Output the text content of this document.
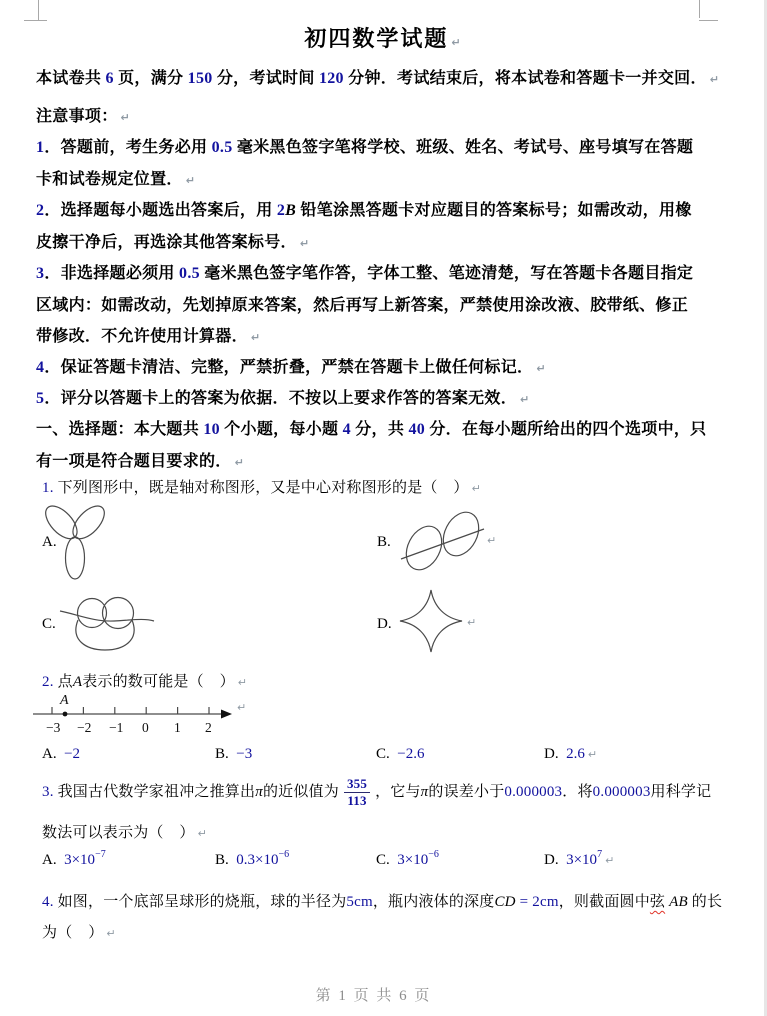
初四数学试题 ↵
本试卷共 6 页，满分 150 分，考试时间 120 分钟．考试结束后，将本试卷和答题卡一并交回． ↵
注意事项： ↵
1．答题前，考生务必用 0.5 毫米黑色签字笔将学校、班级、姓名、考试号、座号填写在答题
卡和试卷规定位置． ↵
2．选择题每小题选出答案后，用 2B 铅笔涂黑答题卡对应题目的答案标号；如需改动，用橡
皮擦干净后，再选涂其他答案标号． ↵
3．非选择题必须用 0.5 毫米黑色签字笔作答，字体工整、笔迹清楚，写在答题卡各题目指定
区域内：如需改动，先划掉原来答案，然后再写上新答案，严禁使用涂改液、胶带纸、修正
带修改．不允许使用计算器． ↵
4．保证答题卡清洁、完整，严禁折叠，严禁在答题卡上做任何标记． ↵
5．评分以答题卡上的答案为依据．不按以上要求作答的答案无效． ↵
一、选择题：本大题共 10 个小题，每小题 4 分，共 40 分．在每小题所给出的四个选项中，只
有一项是符合题目要求的． ↵
1. 下列图形中，既是轴对称图形，又是中心对称图形的是（    ） ↵
A.	B.
C.	D.
↵
↵
2. 点A表示的数可能是（    ） ↵
A
−3 −2 −1 0 1 2
↵
A.  −2	B.  −3	C.  −2.6	D.  2.6 ↵
3. 我国古代数学家祖冲之推算出π的近似值为 $\frac{355}{113}$ ，它与π的误差小于0.000003．将0.000003用科学记
数法可以表示为（    ） ↵
A.  $3\times 10^{-7}$	B.  $0.3\times 10^{-6}$	C.  $3\times 10^{-6}$	D.  $3\times 10^7$ ↵
4. 如图，一个底部呈球形的烧瓶，球的半径为5cm，瓶内液体的深度CD = 2cm，则截面圆中弦 AB 的长
为（    ） ↵
第 1 页 共 6 页
